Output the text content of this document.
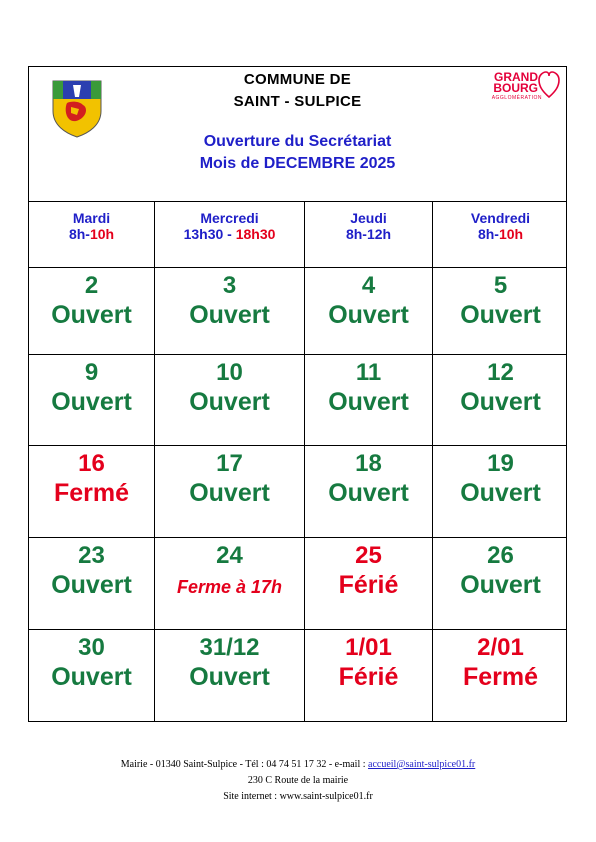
COMMUNE DE
SAINT - SULPICE
Ouverture du Secrétariat
Mois de DECEMBRE 2025
GRAND
BOURG
AGGLOMÉRATION
Mardi
8h-10h
Mercredi
13h30 - 18h30
Jeudi
8h-12h
Vendredi
8h-10h
2
Ouvert
3
Ouvert
4
Ouvert
5
Ouvert
9
Ouvert
10
Ouvert
11
Ouvert
12
Ouvert
16
Fermé
17
Ouvert
18
Ouvert
19
Ouvert
23
Ouvert
24
Ferme à 17h
25
Férié
26
Ouvert
30
Ouvert
31/12
Ouvert
1/01
Férié
2/01
Fermé
Mairie - 01340 Saint-Sulpice - Tél : 04 74 51 17 32 - e-mail : accueil@saint-sulpice01.fr
230 C Route de la mairie
Site internet : www.saint-sulpice01.fr
